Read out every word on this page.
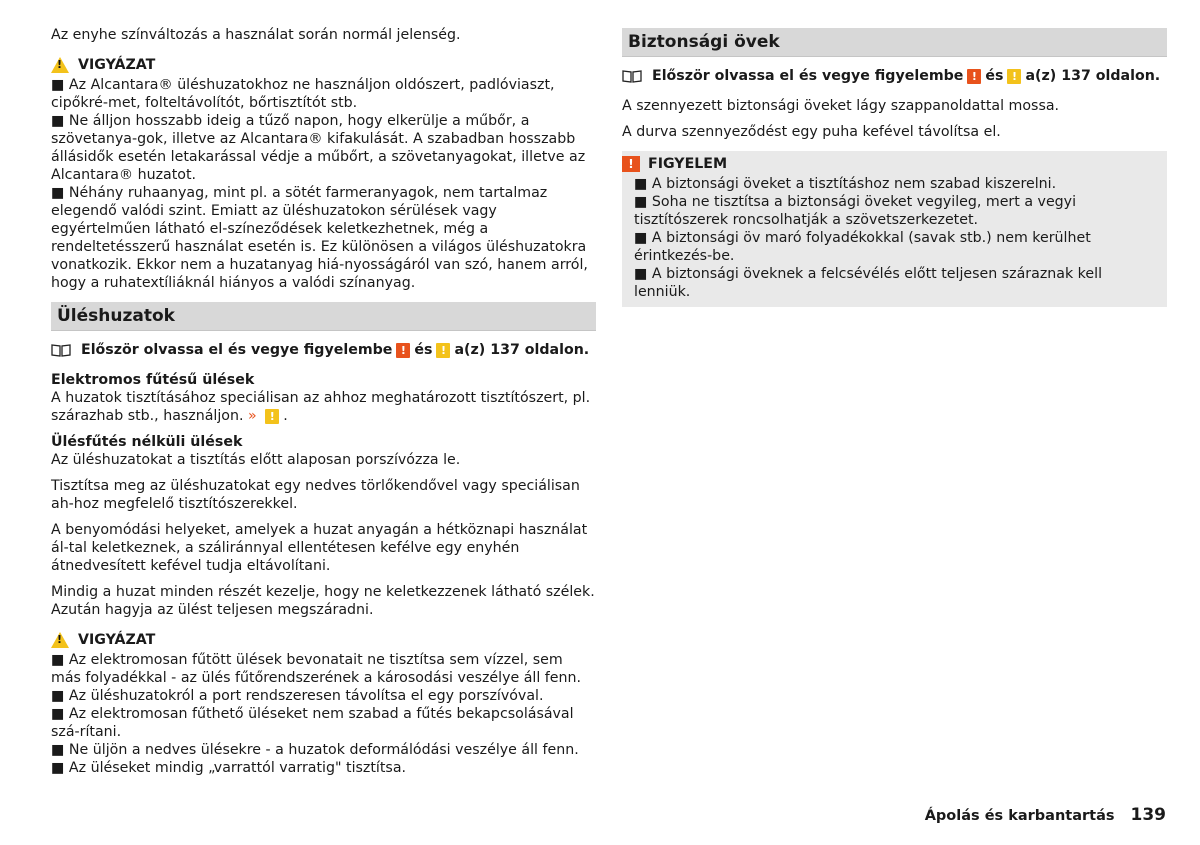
Az enyhe színváltozás a használat során normál jelenség.

! VIGYÁZAT

■ Az Alcantara® üléshuzatokhoz ne használjon oldószert, padlóviaszt, cipőkré-met, folteltávolítót, bőrtisztítót stb.

■ Ne álljon hosszabb ideig a tűző napon, hogy elkerülje a műbőr, a szövetanya-gok, illetve az Alcantara® kifakulását. A szabadban hosszabb állásidők esetén letakarással védje a műbőrt, a szövetanyagokat, illetve az Alcantara® huzatot.

■ Néhány ruhaanyag, mint pl. a sötét farmeranyagok, nem tartalmaz elegendő valódi szint. Emiatt az üléshuzatokon sérülések vagy egyértelműen látható el-színeződések keletkezhetnek, még a rendeltetésszerű használat esetén is. Ez különösen a világos üléshuzatokra vonatkozik. Ekkor nem a huzatanyag hiá-nyosságáról van szó, hanem arról, hogy a ruhatextíliáknál hiányos a valódi színanyag.

Üléshuzatok
Először olvassa el és vegye figyelembe ! és ! a(z) 137 oldalon.

Elektromos fűtésű ülések

A huzatok tisztításához speciálisan az ahhoz meghatározott tisztítószert, pl. szárazhab stb., használjon. » ! .

Ülésfűtés nélküli ülések

Az üléshuzatokat a tisztítás előtt alaposan porszívózza le.

Tisztítsa meg az üléshuzatokat egy nedves törlőkendővel vagy speciálisan ah-hoz megfelelő tisztítószerekkel.

A benyomódási helyeket, amelyek a huzat anyagán a hétköznapi használat ál-tal keletkeznek, a száliránnyal ellentétesen kefélve egy enyhén átnedvesített kefével tudja eltávolítani.

Mindig a huzat minden részét kezelje, hogy ne keletkezzenek látható szélek. Azután hagyja az ülést teljesen megszáradni.

! VIGYÁZAT

■ Az elektromosan fűtött ülések bevonatait ne tisztítsa sem vízzel, sem más folyadékkal - az ülés fűtőrendszerének a károsodási veszélye áll fenn.

■ Az üléshuzatokról a port rendszeresen távolítsa el egy porszívóval.

■ Az elektromosan fűthető üléseket nem szabad a fűtés bekapcsolásával szá-rítani.

■ Ne üljön a nedves ülésekre - a huzatok deformálódási veszélye áll fenn.

■ Az üléseket mindig „varrattól varratig" tisztítsa.

Biztonsági övek
Először olvassa el és vegye figyelembe ! és ! a(z) 137 oldalon.

A szennyezett biztonsági öveket lágy szappanoldattal mossa.

A durva szennyeződést egy puha kefével távolítsa el.

!	FIGYELEM

■ A biztonsági öveket a tisztításhoz nem szabad kiszerelni.

■ Soha ne tisztítsa a biztonsági öveket vegyileg, mert a vegyi tisztítószerek roncsolhatják a szövetszerkezetet.

■ A biztonsági öv maró folyadékokkal (savak stb.) nem kerülhet érintkezés-be.

■ A biztonsági öveknek a felcsévélés előtt teljesen száraznak kell lenniük.

Ápolás és karbantartás 139
